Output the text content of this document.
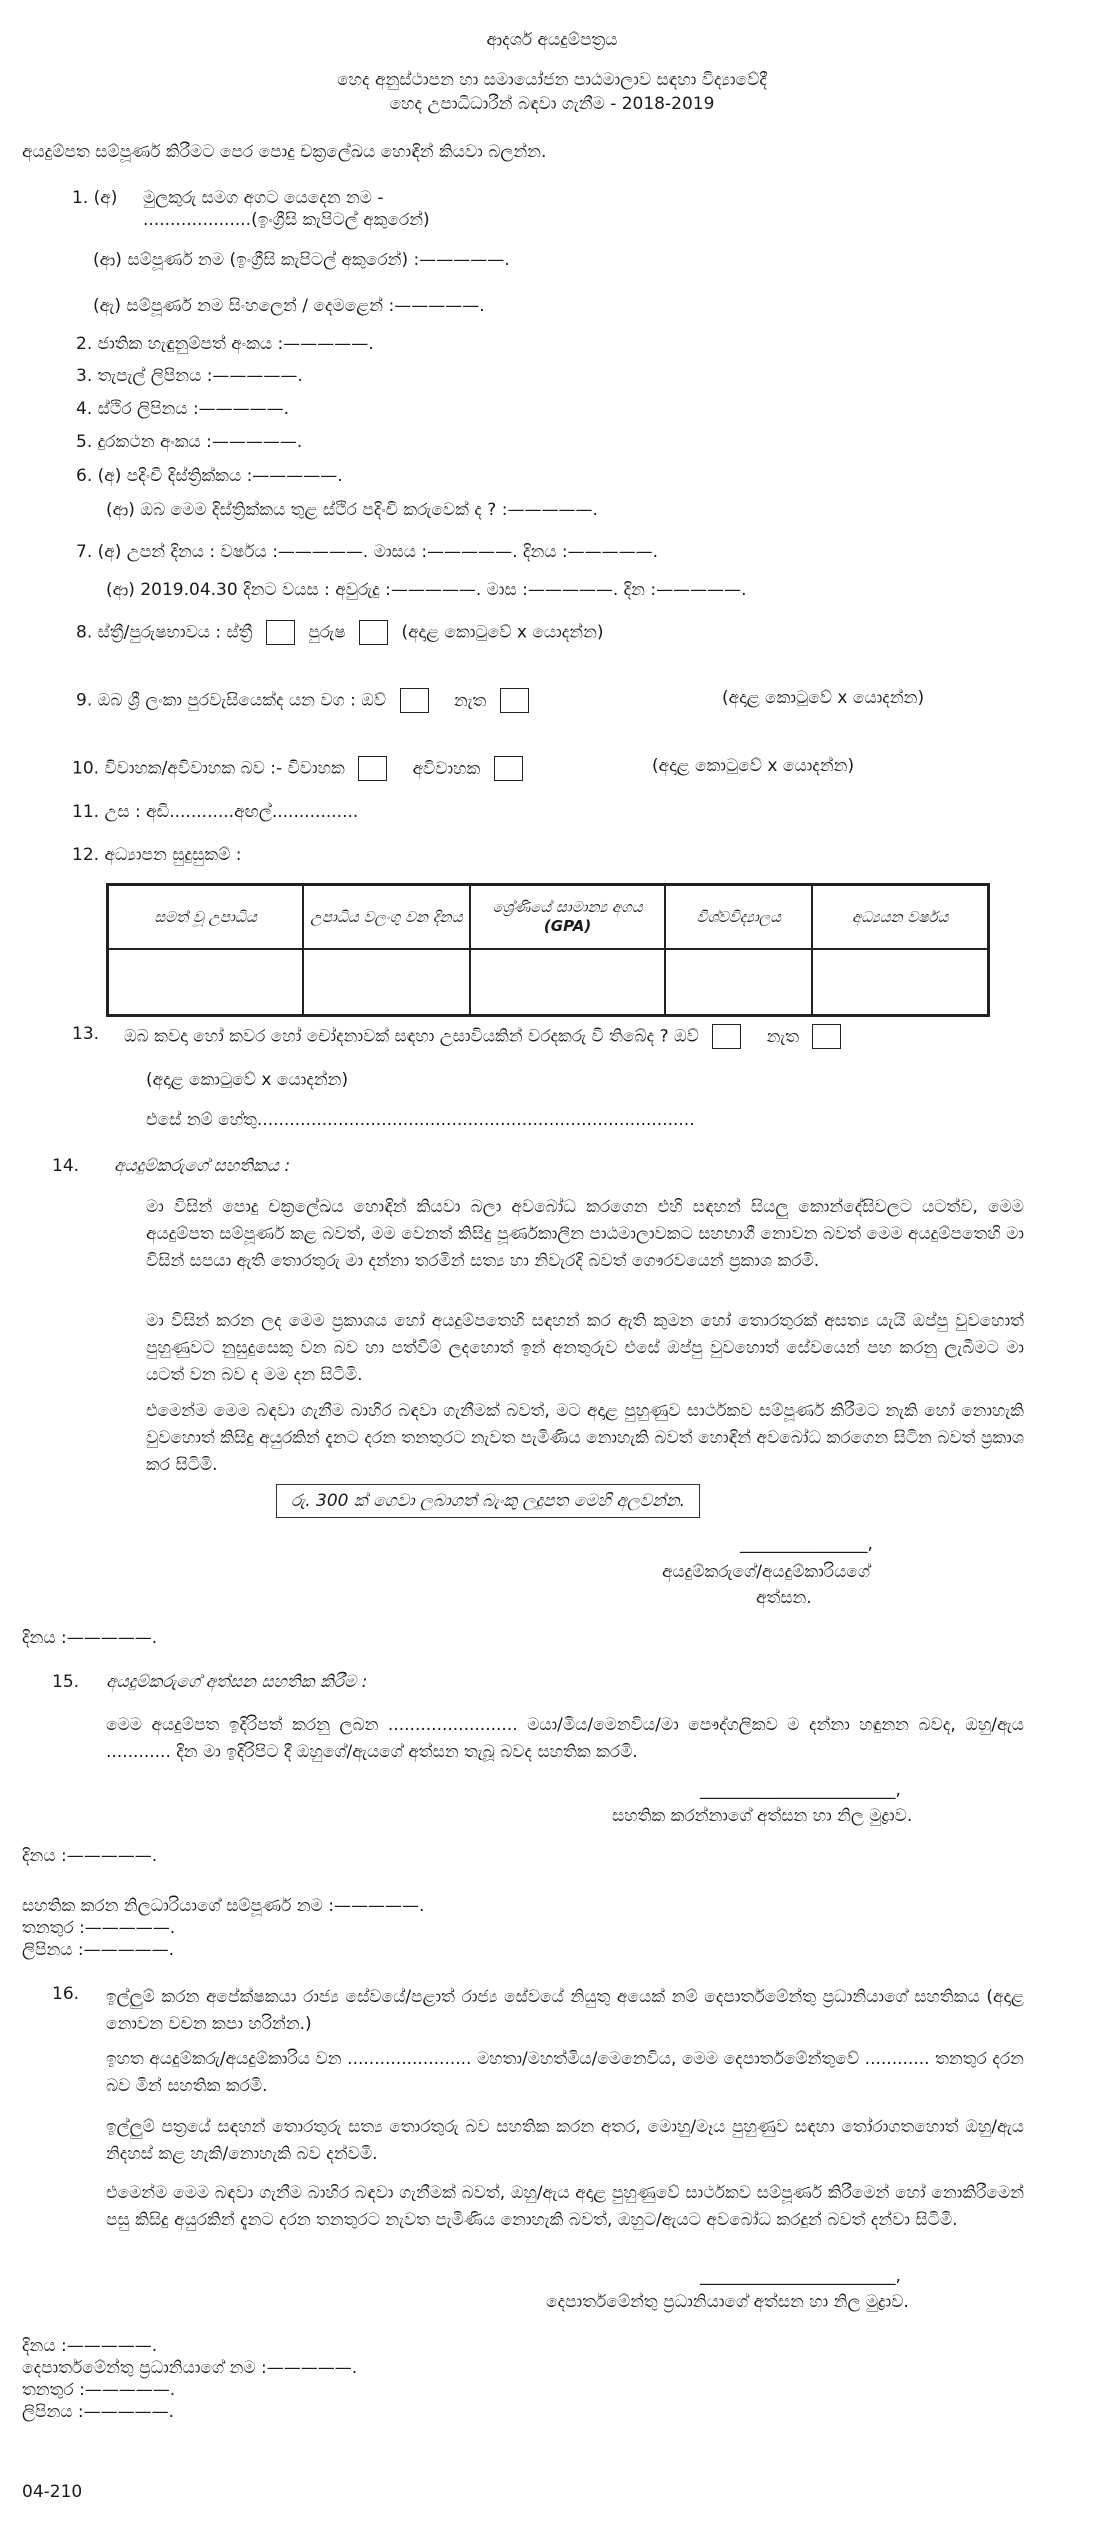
ආදර්ශ අයදුම්පත්‍රය
හෙද අනුස්ථාපන හා සමායෝජන පාඨමාලාව සඳහා විද්‍යාවේදී
හෙද උපාධිධාරීන් බඳවා ගැනීම - 2018-2019
අයදුම්පත සම්පූර්ණ කිරීමට පෙර පොදු චක්‍රලේඛය හොඳින් කියවා බලන්න.
1. (අ) මුලකුරු සමග අගට යෙදෙන නම -
....................(ඉංග්‍රීසි කැපිටල් අකුරෙන්)
(ආ) සම්පූර්ණ නම (ඉංග්‍රීසි කැපිටල් අකුරෙන්) :—————.
(ඇ) සම්පූර්ණ නම සිංහලෙන් / දෙමළෙන් :—————.
2. ජාතික හැඳුනුම්පත් අංකය :—————.
3. තැපැල් ලිපිනය :—————.
4. ස්ථිර ලිපිනය :—————.
5. දුරකථන අංකය :—————.
6. (අ) පදිංචි දිස්ත්‍රික්කය :—————.
(ආ) ඔබ මෙම දිස්ත්‍රික්කය තුළ ස්ථිර පදිංචි කරුවෙක් ද ? :—————.
7. (අ) උපන් දිනය : වර්ෂය :—————. මාසය :—————. දිනය :—————.
(ආ) 2019.04.30 දිනට වයස : අවුරුදු :—————. මාස :—————. දින :—————.
8. ස්ත්‍රී/පුරුෂභාවය : ස්ත්‍රී	පුරුෂ	(අදාළ කොටුවේ x යොදන්න)
9. ඔබ ශ්‍රී ලංකා පුරවැසියෙක්ද යන වග : ඔව්	නැත	(අදාළ කොටුවේ x යොදන්න)
10. විවාහක/අවිවාහක බව :- විවාහක	අවිවාහක	(අදාළ කොටුවේ x යොදන්න)
11. උස : අඩි............අඟල්................
12. අධ්‍යාපන සුදුසුකම් :
සමත් වූ උපාධිය	උපාධිය වලංගු වන දිනය	ශ්‍රේණියේ සාමාන්‍ය අගය (GPA)	විශ්වවිද්‍යාලය	අධ්‍යයන වර්ෂය

13. ඔබ කවදා හෝ කවර හෝ චෝදනාවක් සඳහා උසාවියකින් වරදකරු වී තිබේද ? ඔව්	නැත
(අදාළ කොටුවේ x යොදන්න)
එසේ නම් හේතු.................................................................................
14. අයදුම්කරුගේ සහතිකය :
මා විසින් පොදු චක්‍රලේඛය හොඳින් කියවා බලා අවබෝධ කරගෙන එහි සඳහන් සියලු කොන්දේසිවලට යටත්ව, මෙම අයදුම්පත සම්පූර්ණ කළ බවත්, මම වෙනත් කිසිදු පූර්ණකාලීන පාඨමාලාවකට සහභාගී නොවන බවත් මෙම අයදුම්පතෙහි මා විසින් සපයා ඇති තොරතුරු මා දන්නා තරමින් සත්‍ය හා නිවැරදි බවත් ගෞරවයෙන් ප්‍රකාශ කරමි.
මා විසින් කරන ලද මෙම ප්‍රකාශය හෝ අයදුම්පතෙහි සඳහන් කර ඇති කුමන හෝ තොරතුරක් අසත්‍ය යැයි ඔප්පු වුවහොත් පුහුණුවට නුසුදුසෙකු වන බව හා පත්වීම් ලදහොත් ඉන් අනතුරුව එසේ ඔප්පු වුවහොත් සේවයෙන් පහ කරනු ලැබීමට මා යටත් වන බව ද මම දන සිටිමි.
එමෙන්ම මෙම බඳවා ගැනීම බාහිර බඳවා ගැනීමක් බවත්, මට අදාළ පුහුණුව සාර්ථකව සම්පූර්ණ කිරීමට නැකි හෝ නොහැකි වුවහොත් කිසිදු අයුරකින් දැනට දරන තනතුරට නැවත පැමිණිය නොහැකි බවත් හොඳින් අවබෝධ කරගෙන සිටින බවත් ප්‍රකාශ කර සිටිමි.
රු. 300 ක් ගෙවා ලබාගත් බැංකු ලදුපත මෙහි අලවන්න.
_______________,
අයදුම්කරුගේ/අයදුම්කාරියගේ
අත්සන.
දිනය :—————.
15. අයදුම්කරුගේ අත්සන සහතික කිරීම :
මෙම අයදුම්පත ඉදිරිපත් කරනු ලබන ........................ මයා/මිය/මෙනවිය/මා පෞද්ගලිකව ම දන්නා හඳුනන බවද, ඔහු/ඇය ............ දින මා ඉදිරිපිට දී ඔහුගේ/ඇයගේ අත්සන තැබූ බවද සහතික කරමි.
_______________________,
සහතික කරන්නාගේ අත්සන හා නිල මුද්‍රාව.
දිනය :—————.
සහතික කරන නිලධාරියාගේ සම්පූර්ණ නම :—————.
තනතුර :—————.
ලිපිනය :—————.
16. ඉල්ලුම් කරන අපේක්ෂකයා රාජ්‍ය සේවයේ/පළාත් රාජ්‍ය සේවයේ නියුතු අයෙක් නම් දෙපාර්තමේන්තු ප්‍රධානියාගේ සහතිකය (අදාළ නොවන වචන කපා හරින්න.)
ඉහත අයදුම්කරු/අයදුම්කාරිය වන ....................... මහතා/මහත්මිය/මෙනෙවිය, මෙම දෙපාර්තමේන්තුවේ ............ තනතුර දරන බව මින් සහතික කරමි.
ඉල්ලුම් පත්‍රයේ සඳහන් තොරතුරු සත්‍ය තොරතුරු බව සහතික කරන අතර, මොහු/මෑය පුහුණුව සඳහා තෝරාගතහොත් ඔහු/ඇය නිදහස් කළ හැකි/නොහැකි බව දන්වමි.
එමෙන්ම මෙම බඳවා ගැනීම බාහිර බඳවා ගැනීමක් බවත්, ඔහු/ඇය අදාළ පුහුණුවේ සාර්ථකව සම්පූර්ණ කිරීමෙන් හෝ නොකිරීමෙන් පසු කිසිදු අයුරකින් දැනට දරන තනතුරට නැවත පැමිණිය නොහැකි බවත්, ඔහුට/ඇයට අවබෝධ කරදුන් බවත් දන්වා සිටිමි.
_______________________,
දෙපාර්තමේන්තු ප්‍රධානියාගේ අත්සන හා නිල මුද්‍රාව.
දිනය :—————.
දෙපාර්තමේන්තු ප්‍රධානියාගේ නම :—————.
තනතුර :—————.
ලිපිනය :—————.
04-210
